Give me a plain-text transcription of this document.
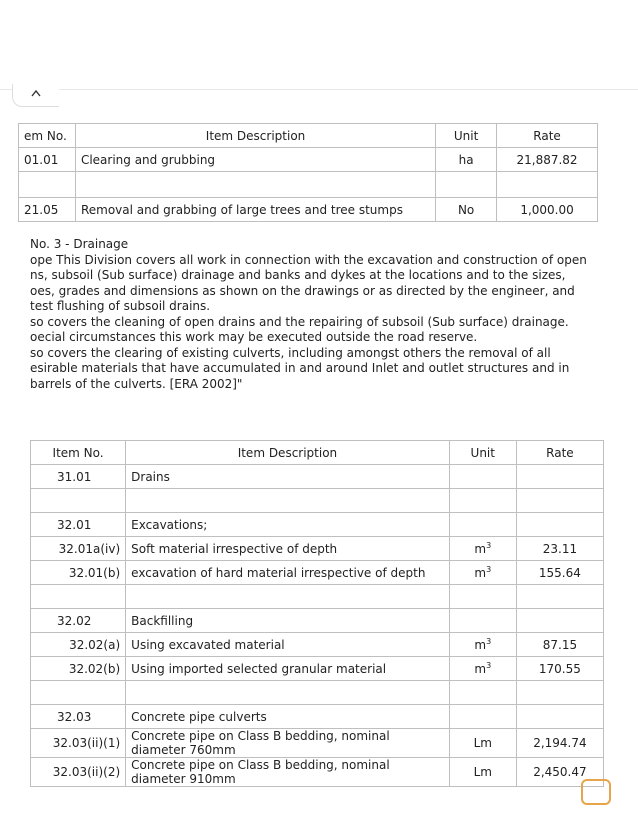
em No.	Item Description	Unit	Rate
01.01	Clearing and grubbing	ha	21,887.82

21.05	Removal and grabbing of large trees and tree stumps	No	1,000.00
No. 3 - Drainage
ope This Division covers all work in connection with the excavation and construction of open
ns, subsoil (Sub surface) drainage and banks and dykes at the locations and to the sizes,
oes, grades and dimensions as shown on the drawings or as directed by the engineer, and
test flushing of subsoil drains.
so covers the cleaning of open drains and the repairing of subsoil (Sub surface) drainage.
oecial circumstances this work may be executed outside the road reserve.
so covers the clearing of existing culverts, including amongst others the removal of all
esirable materials that have accumulated in and around Inlet and outlet structures and in
barrels of the culverts. [ERA 2002]"
Item No.	Item Description	Unit	Rate
31.01	Drains		

32.01	Excavations;		
32.01a(iv)	Soft material irrespective of depth	$m^3$	23.11
32.01(b)	excavation of hard material irrespective of depth	$m^3$	155.64

32.02	Backfilling		
32.02(a)	Using excavated material	$m^3$	87.15
32.02(b)	Using imported selected granular material	$m^3$	170.55

32.03	Concrete pipe culverts		
32.03(ii)(1)	Concrete pipe on Class B bedding, nominal diameter 760mm	Lm	2,194.74
32.03(ii)(2)	Concrete pipe on Class B bedding, nominal diameter 910mm	Lm	2,450.47
